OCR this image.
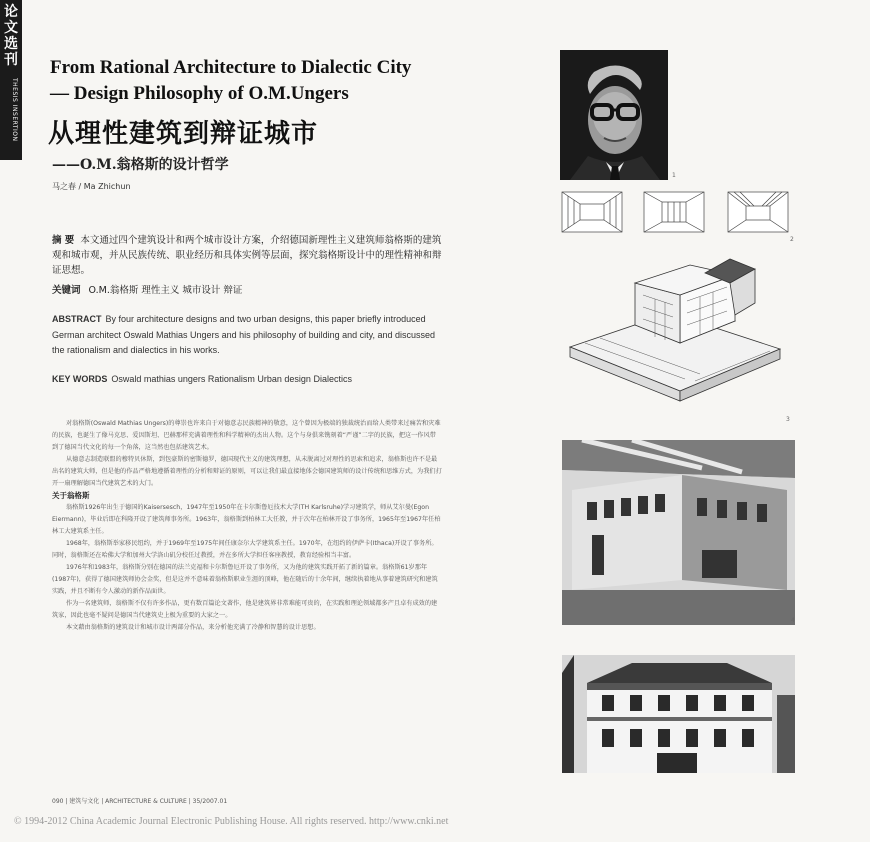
论文选刊
THESIS INSERTION
From Rational Architecture to Dialectic City
— Design Philosophy of O.M.Ungers
从理性建筑到辩证城市
——O.M.翁格斯的设计哲学
马之春 / Ma Zhichun
摘 要 本文通过四个建筑设计和两个城市设计方案，介绍德国新理性主义建筑师翁格斯的建筑观和城市观，并从民族传统、职业经历和具体实例等层面，探究翁格斯设计中的理性精神和辩证思想。
关键词 O.M.翁格斯 理性主义 城市设计 辩证
ABSTRACT By four architecture designs and two urban designs, this paper briefly introduced German architect Oswald Mathias Ungers and his philosophy of building and city, and discussed the rationalism and dialectics in his works.
KEY WORDS Oswald mathias ungers Rationalism Urban design Dialectics

对翁格斯(Oswald Mathias Ungers)的尊崇也许来自于对德意志民族精神的敬意，这个曾因为极端的独裁统治而给人类带来过痛苦和灾难的民族，也诞生了像马克思、爱因斯坦、巴赫那样充满着理性和科学精神的杰出人物。这个与身俱来镌刻着“严谨”二字的民族，把这一作风带到了德国当代文化的每一个角落，这当然也包括建筑艺术。

从德意志制造联盟的穆特贝休斯，到包豪斯的密斯德罗，德国现代主义的建筑理想，从未脱离过对理性的思索和追求，翁格斯也许不是最出名的建筑大师，但是他的作品严格地遵循着理性的分析和辩证的原则，可以让我们最直接地体会德国建筑师的设计传统和思维方式，为我们打开一扇理解德国当代建筑艺术的大门。

关于翁格斯

翁格斯1926年出生于德国的Kaisersesch，1947年至1950年在卡尔斯鲁厄技术大学(TH Karlsruhe)学习建筑学，师从艾尔曼(Egon Eiermann)，毕业后即在科隆开设了建筑师事务所。1963年，翁格斯到柏林工大任教，并于次年在柏林开设了事务所，1965年至1967年任柏林工大建筑系主任。

1968年，翁格斯举家移民纽约，并于1969年至1975年间任康奈尔大学建筑系主任。1970年，在纽约的伊萨卡(Ithaca)开设了事务所。同时，翁格斯还在哈佛大学和加州大学洛山矶分校任过教授，并在多所大学担任客座教授，教育经验相当丰富。

1976年和1983年，翁格斯分别在德国的法兰克福和卡尔斯鲁厄开设了事务所，又为他的建筑实践开拓了新的篇章。翁格斯61岁那年(1987年)，获得了德国建筑师协会金奖，但是这并不意味着翁格斯职业生涯的顶峰，他在随后的十余年间，继续执着地从事着建筑研究和建筑实践，并且不断有令人激动的新作品面世。

作为一名建筑师，翁格斯不仅有许多作品，更有数百篇论文著作，他是建筑界非常难能可贵的，在实践和理论领域都多产且卓有成效的建筑家，因此也毫不疑问是德国当代建筑史上极为重要的大家之一。

本文藉由翁格斯的建筑设计和城市设计两部分作品，来分析他充满了冷静和智慧的设计思想。

090 | 建筑与文化 | ARCHITECTURE & CULTURE | 35/2007.01
© 1994-2012 China Academic Journal Electronic Publishing House. All rights reserved. http://www.cnki.net
1
2
3
4
